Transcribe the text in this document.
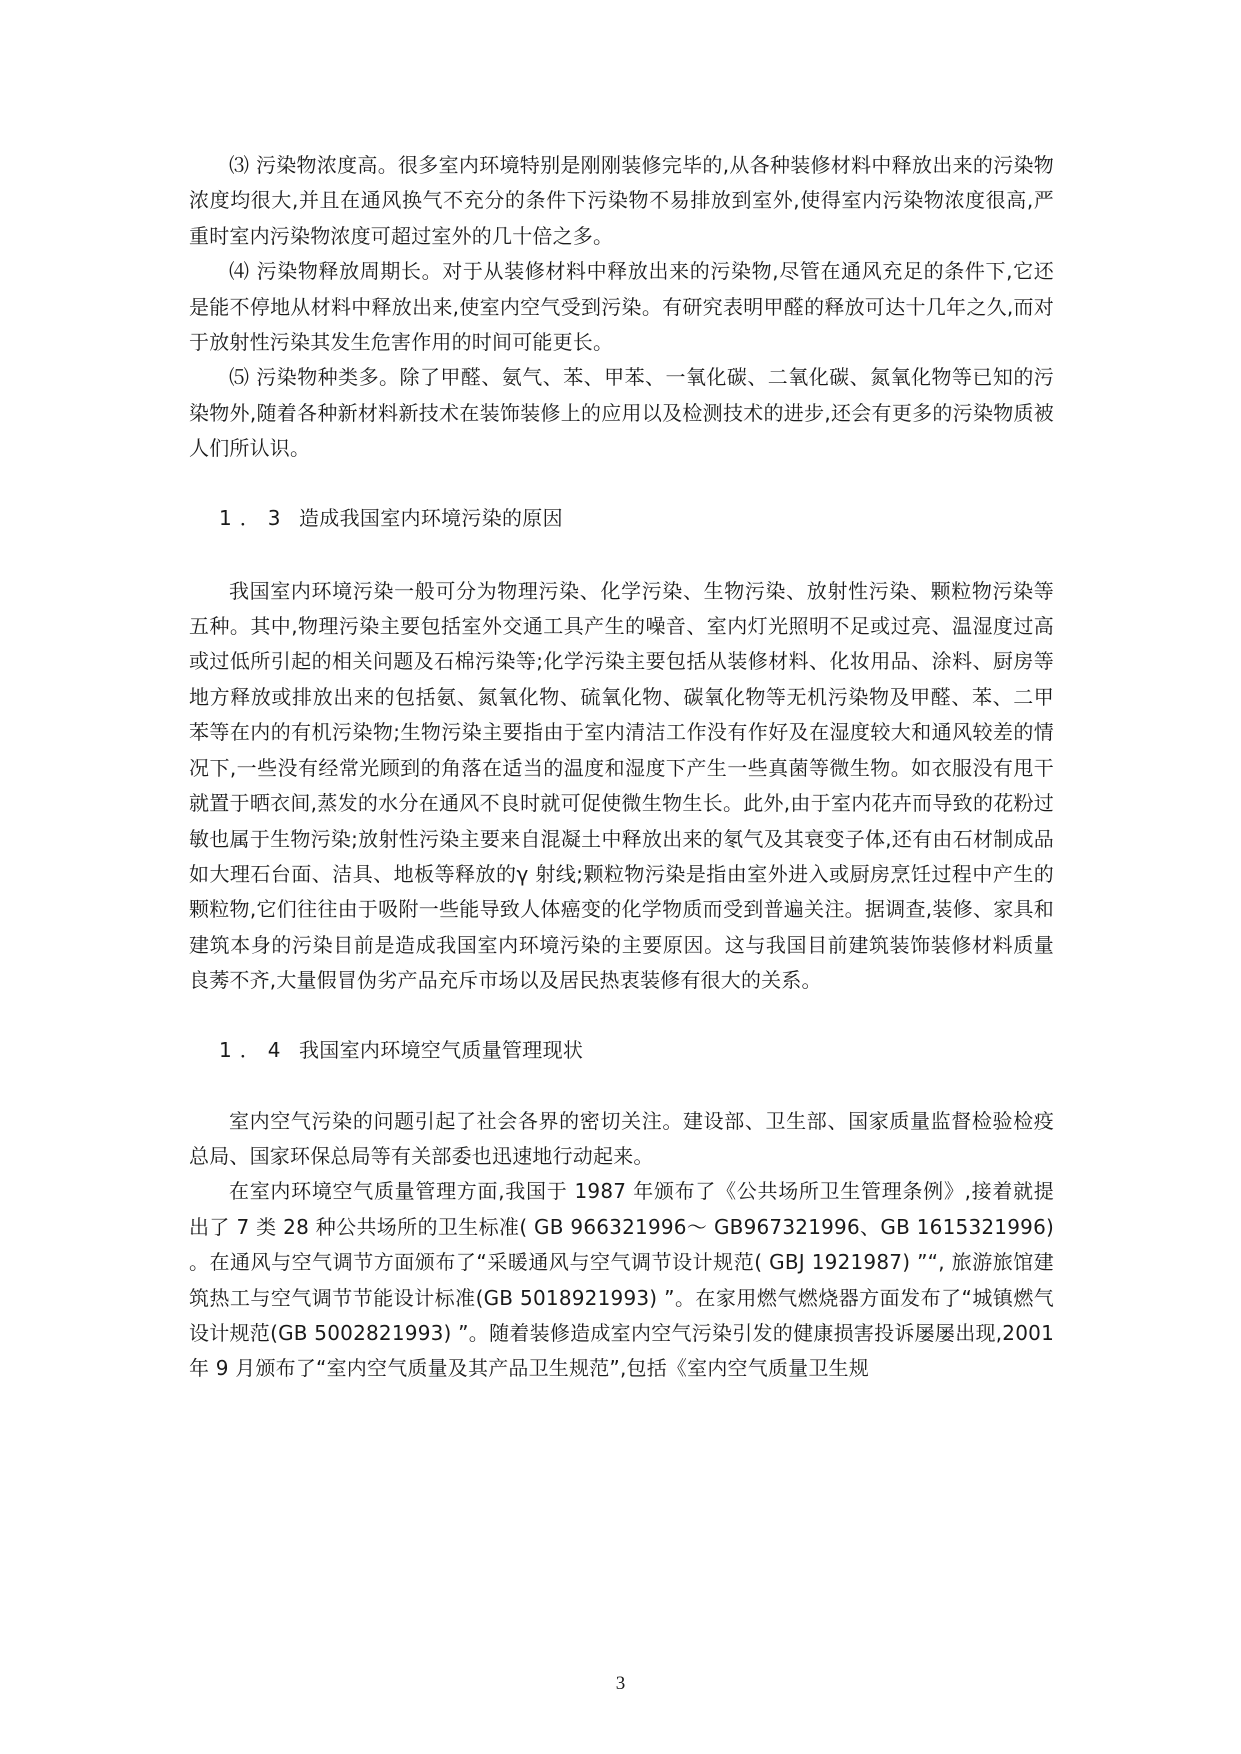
⑶ 污染物浓度高。很多室内环境特别是刚刚装修完毕的,从各种装修材料中释放出来的污染物浓度均很大,并且在通风换气不充分的条件下污染物不易排放到室外,使得室内污染物浓度很高,严重时室内污染物浓度可超过室外的几十倍之多。

⑷ 污染物释放周期长。对于从装修材料中释放出来的污染物,尽管在通风充足的条件下,它还是能不停地从材料中释放出来,使室内空气受到污染。有研究表明甲醛的释放可达十几年之久,而对于放射性污染其发生危害作用的时间可能更长。

⑸ 污染物种类多。除了甲醛、氨气、苯、甲苯、一氧化碳、二氧化碳、氮氧化物等已知的污染物外,随着各种新材料新技术在装饰装修上的应用以及检测技术的进步,还会有更多的污染物质被人们所认识。

1．3 造成我国室内环境污染的原因

我国室内环境污染一般可分为物理污染、化学污染、生物污染、放射性污染、颗粒物污染等五种。其中,物理污染主要包括室外交通工具产生的噪音、室内灯光照明不足或过亮、温湿度过高或过低所引起的相关问题及石棉污染等;化学污染主要包括从装修材料、化妆用品、涂料、厨房等地方释放或排放出来的包括氨、氮氧化物、硫氧化物、碳氧化物等无机污染物及甲醛、苯、二甲苯等在内的有机污染物;生物污染主要指由于室内清洁工作没有作好及在湿度较大和通风较差的情况下,一些没有经常光顾到的角落在适当的温度和湿度下产生一些真菌等微生物。如衣服没有甩干就置于晒衣间,蒸发的水分在通风不良时就可促使微生物生长。此外,由于室内花卉而导致的花粉过敏也属于生物污染;放射性污染主要来自混凝土中释放出来的氡气及其衰变子体,还有由石材制成品如大理石台面、洁具、地板等释放的γ 射线;颗粒物污染是指由室外进入或厨房烹饪过程中产生的颗粒物,它们往往由于吸附一些能导致人体癌变的化学物质而受到普遍关注。据调查,装修、家具和建筑本身的污染目前是造成我国室内环境污染的主要原因。这与我国目前建筑装饰装修材料质量良莠不齐,大量假冒伪劣产品充斥市场以及居民热衷装修有很大的关系。

1．4 我国室内环境空气质量管理现状

室内空气污染的问题引起了社会各界的密切关注。建设部、卫生部、国家质量监督检验检疫总局、国家环保总局等有关部委也迅速地行动起来。

在室内环境空气质量管理方面,我国于 1987 年颁布了《公共场所卫生管理条例》,接着就提出了 7 类 28 种公共场所的卫生标准( GB 966321996～ GB967321996、GB 1615321996) 。在通风与空气调节方面颁布了“采暖通风与空气调节设计规范( GBJ 1921987) ”“, 旅游旅馆建筑热工与空气调节节能设计标准(GB 5018921993) ”。在家用燃气燃烧器方面发布了“城镇燃气设计规范(GB 5002821993) ”。随着装修造成室内空气污染引发的健康损害投诉屡屡出现,2001 年 9 月颁布了“室内空气质量及其产品卫生规范”,包括《室内空气质量卫生规

3
